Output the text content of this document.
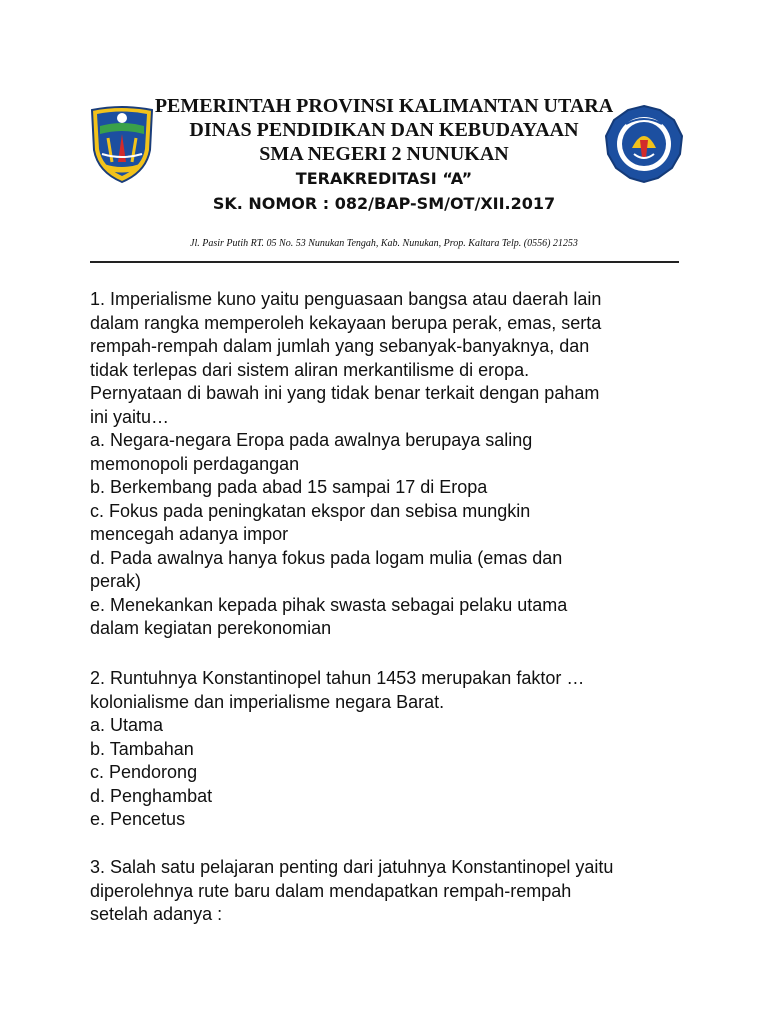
PEMERINTAH PROVINSI KALIMANTAN UTARA
DINAS PENDIDIKAN DAN KEBUDAYAAN
SMA NEGERI 2 NUNUKAN
TERAKREDITASI “A”
SK. NOMOR : 082/BAP-SM/OT/XII.2017
Jl. Pasir Putih RT. 05 No. 53 Nunukan Tengah, Kab. Nunukan, Prop. Kaltara Telp. (0556) 21253
1. Imperialisme kuno yaitu penguasaan bangsa atau daerah lain
dalam rangka memperoleh kekayaan berupa perak, emas, serta
rempah-rempah dalam jumlah yang sebanyak-banyaknya, dan
tidak terlepas dari sistem aliran merkantilisme di eropa.
Pernyataan di bawah ini yang tidak benar terkait dengan paham
ini yaitu…
a. Negara-negara Eropa pada awalnya berupaya saling
memonopoli perdagangan
b. Berkembang pada abad 15 sampai 17 di Eropa
c. Fokus pada peningkatan ekspor dan sebisa mungkin
mencegah adanya impor
d. Pada awalnya hanya fokus pada logam mulia (emas dan
perak)
e. Menekankan kepada pihak swasta sebagai pelaku utama
dalam kegiatan perekonomian
2. Runtuhnya Konstantinopel tahun 1453 merupakan faktor …
kolonialisme dan imperialisme negara Barat.
a. Utama
b. Tambahan
c. Pendorong
d. Penghambat
e. Pencetus
3. Salah satu pelajaran penting dari jatuhnya Konstantinopel yaitu
diperolehnya rute baru dalam mendapatkan rempah-rempah
setelah adanya :
